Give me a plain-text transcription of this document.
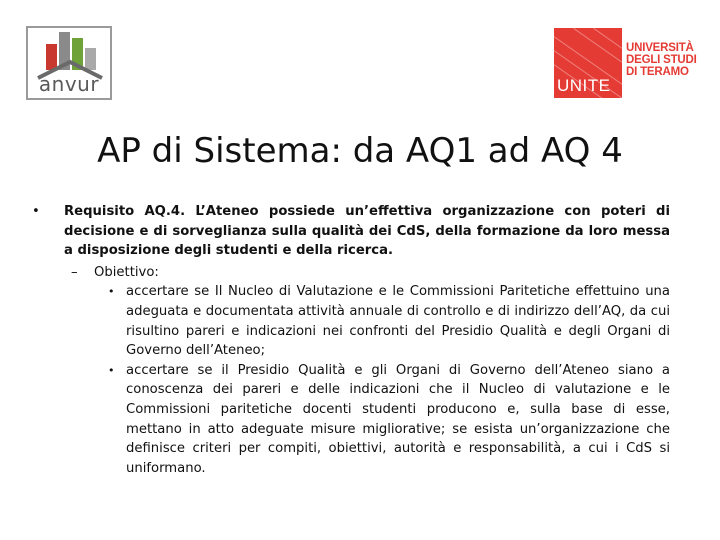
anvur	UNITE
UNIVERSITÀ
DEGLI STUDI
DI TERAMO
AP di Sistema: da AQ1 ad AQ 4
• Requisito AQ.4. L’Ateneo possiede un’effettiva organizzazione con poteri di decisione e di sorveglianza sulla qualità dei CdS, della formazione da loro messa a disposizione degli studenti e della ricerca.
– Obiettivo:
• accertare se Il Nucleo di Valutazione e le Commissioni Paritetiche effettuino una adeguata e documentata attività annuale di controllo e di indirizzo dell’AQ, da cui risultino pareri e indicazioni nei confronti del Presidio Qualità e degli Organi di Governo dell’Ateneo;
• accertare se il Presidio Qualità e gli Organi di Governo dell’Ateneo siano a conoscenza dei pareri e delle indicazioni che il Nucleo di valutazione e le Commissioni paritetiche docenti studenti producono e, sulla base di esse, mettano in atto adeguate misure migliorative; se esista un’organizzazione che definisce criteri per compiti, obiettivi, autorità e responsabilità, a cui i CdS si uniformano.
